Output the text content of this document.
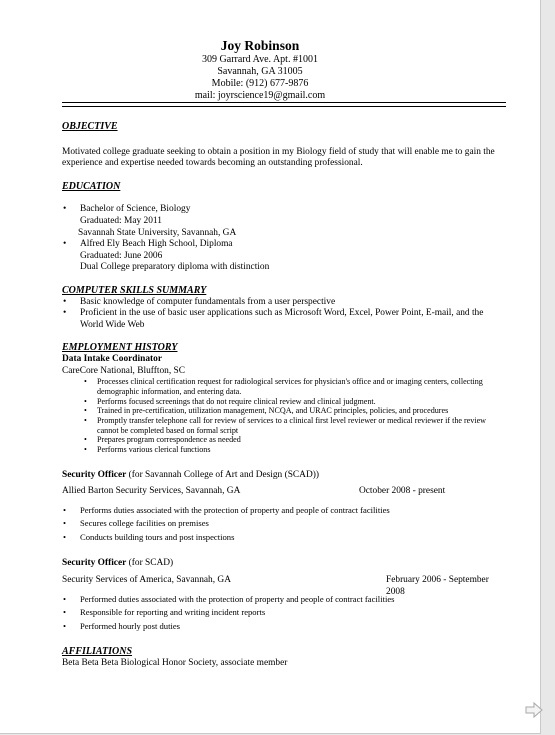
Joy Robinson
309 Garrard Ave. Apt. #1001
Savannah, GA 31005
Mobile: (912) 677-9876
mail: joyrscience19@gmail.com
OBJECTIVE
Motivated college graduate seeking to obtain a position in my Biology field of study that will enable me to gain the experience and expertise needed towards becoming an outstanding professional.
EDUCATION
• Bachelor of Science, Biology
Graduated: May 2011
Savannah State University, Savannah, GA
• Alfred Ely Beach High School, Diploma
Graduated: June 2006
Dual College preparatory diploma with distinction
COMPUTER SKILLS SUMMARY
• Basic knowledge of computer fundamentals from a user perspective
• Proficient in the use of basic user applications such as Microsoft Word, Excel, Power Point, E-mail, and the World Wide Web
EMPLOYMENT HISTORY
Data Intake Coordinator
CareCore National, Bluffton, SC
• Processes clinical certification request for radiological services for physician's office and or imaging centers, collecting demographic information, and entering data.
• Performs focused screenings that do not require clinical review and clinical judgment.
• Trained in pre-certification, utilization management, NCQA, and URAC principles, policies, and procedures
• Promptly transfer telephone call for review of services to a clinical first level reviewer or medical reviewer if the review cannot be completed based on formal script
• Prepares program correspondence as needed
• Performs various clerical functions
Security Officer (for Savannah College of Art and Design (SCAD))
Allied Barton Security Services, Savannah, GA	October 2008 - present
• Performs duties associated with the protection of property and people of contract facilities
• Secures college facilities on premises
• Conducts building tours and post inspections
Security Officer (for SCAD)
Security Services of America, Savannah, GA	February 2006 - September 2008
• Performed duties associated with the protection of property and people of contract facilities
• Responsible for reporting and writing incident reports
• Performed hourly post duties
AFFILIATIONS
Beta Beta Beta Biological Honor Society, associate member
